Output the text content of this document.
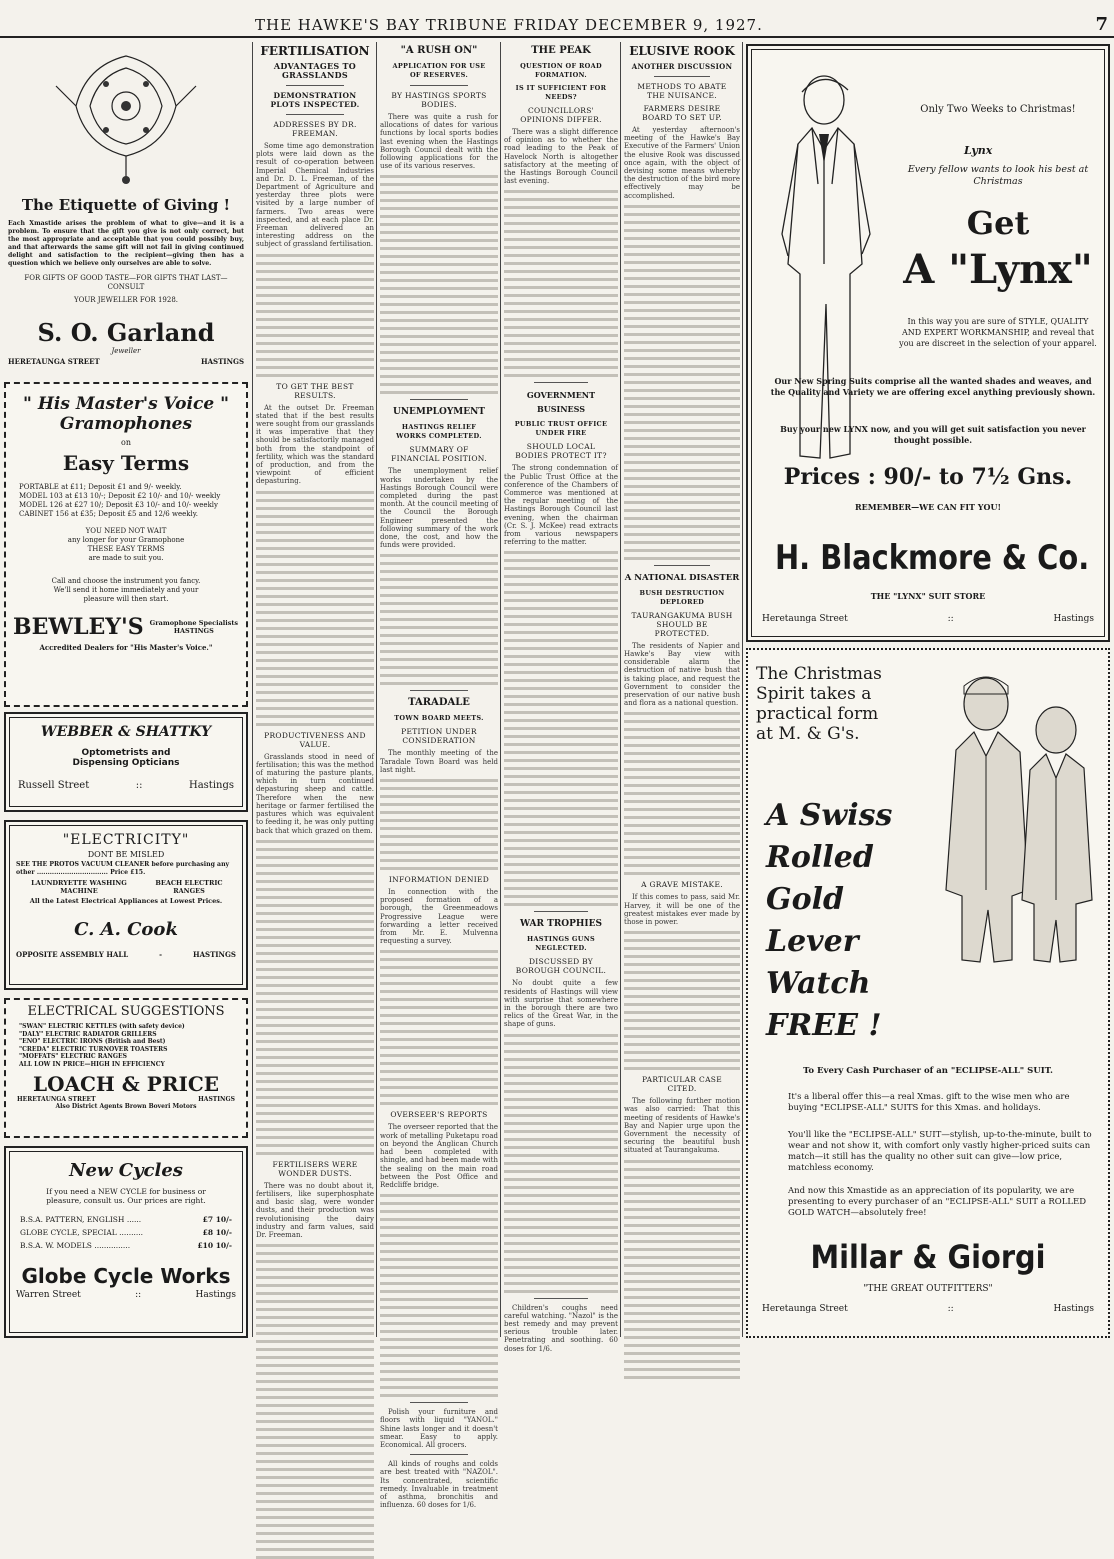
THE HAWKE'S BAY TRIBUNE FRIDAY DECEMBER 9, 1927.	7
The Etiquette of Giving !
Each Xmastide arises the problem of what to give—and it is a problem. To ensure that the gift you give is not only correct, but the most appropriate and acceptable that you could possibly buy, and that afterwards the same gift will not fail in giving continued delight and satisfaction to the recipient—giving then has a question which we believe only ourselves are able to solve.
FOR GIFTS OF GOOD TASTE—FOR GIFTS THAT LAST—CONSULT
YOUR JEWELLER FOR 1928.
S. O. Garland
Jeweller
HERETAUNGA STREET	HASTINGS
" His Master's Voice "
Gramophones
on
Easy Terms
PORTABLE at £11; Deposit £1 and 9/- weekly.
MODEL 103 at £13 10/-; Deposit £2 10/- and 10/- weekly
MODEL 126 at £27 10/; Deposit £3 10/- and 10/- weekly
CABINET 156 at £35; Deposit £5 and 12/6 weekly.
YOU NEED NOT WAIT
any longer for your Gramophone
THESE EASY TERMS
are made to suit you.
Call and choose the instrument you fancy.
We'll send it home immediately and your
pleasure will then start.
BEWLEY'S Gramophone Specialists
HASTINGS
Accredited Dealers for "His Master's Voice."
WEBBER & SHATTKY
Optometrists and
Dispensing Opticians
Russell Street	::	Hastings
"ELECTRICITY"
DONT BE MISLED
SEE THE PROTOS VACUUM CLEANER before purchasing any other ................................. Price £15.
LAUNDRYETTE WASHING MACHINE
BEACH ELECTRIC RANGES
All the Latest Electrical Appliances at Lowest Prices.
C. A. Cook
OPPOSITE ASSEMBLY HALL	-	HASTINGS
ELECTRICAL SUGGESTIONS
"SWAN" ELECTRIC KETTLES (with safety device)
"DALY" ELECTRIC RADIATOR GRILLERS
"ENO" ELECTRIC IRONS (British and Best)
"CREDA" ELECTRIC TURNOVER TOASTERS
"MOFFATS" ELECTRIC RANGES
ALL LOW IN PRICE—HIGH IN EFFICIENCY
LOACH & PRICE
HERETAUNGA STREET	HASTINGS
Also District Agents Brown Boveri Motors
New Cycles
If you need a NEW CYCLE for business or
pleasure, consult us. Our prices are right.
B.S.A. PATTERN, ENGLISH ......	£7 10/-
GLOBE CYCLE, SPECIAL ..........	£8 10/-
B.S.A. W. MODELS ...............	£10 10/-
Globe Cycle Works
Warren Street	::	Hastings
FERTILISATION
ADVANTAGES TO GRASSLANDS
DEMONSTRATION PLOTS INSPECTED.
ADDRESSES BY DR. FREEMAN.
Some time ago demonstration plots were laid down as the result of co-operation between Imperial Chemical Industries and Dr. D. L. Freeman, of the Department of Agriculture and yesterday three plots were visited by a large number of farmers. Two areas were inspected, and at each place Dr. Freeman delivered an interesting address on the subject of grassland fertilisation.
TO GET THE BEST RESULTS.
At the outset Dr. Freeman stated that if the best results were sought from our grasslands it was imperative that they should be satisfactorily managed both from the standpoint of fertility, which was the standard of production, and from the viewpoint of efficient depasturing.
PRODUCTIVENESS AND VALUE.
Grasslands stood in need of fertilisation; this was the method of maturing the pasture plants, which in turn continued depasturing sheep and cattle. Therefore when the new heritage or farmer fertilised the pastures which was equivalent to feeding it, he was only putting back that which grazed on them.
FERTILISERS WERE WONDER DUSTS.
There was no doubt about it, fertilisers, like superphosphate and basic slag, were wonder dusts, and their production was revolutionising the dairy industry and farm values, said Dr. Freeman.
"A RUSH ON"
APPLICATION FOR USE OF RESERVES.
BY HASTINGS SPORTS BODIES.
There was quite a rush for allocations of dates for various functions by local sports bodies last evening when the Hastings Borough Council dealt with the following applications for the use of its various reserves.
UNEMPLOYMENT
HASTINGS RELIEF WORKS COMPLETED.
SUMMARY OF FINANCIAL POSITION.
The unemployment relief works undertaken by the Hastings Borough Council were completed during the past month. At the council meeting of the Council the Borough Engineer presented the following summary of the work done, the cost, and how the funds were provided.
TARADALE
TOWN BOARD MEETS.
PETITION UNDER CONSIDERATION
The monthly meeting of the Taradale Town Board was held last night.
INFORMATION DENIED
In connection with the proposed formation of a borough, the Greenmeadows Progressive League were forwarding a letter received from Mr. E. Mulvenna requesting a survey.
OVERSEER'S REPORTS
The overseer reported that the work of metalling Puketapu road on beyond the Anglican Church had been completed with shingle, and had been made with the sealing on the main road between the Post Office and Redcliffe bridge.
Polish your furniture and floors with liquid "YANOL." Shine lasts longer and it doesn't smear. Easy to apply. Economical. All grocers.
All kinds of roughs and colds are best treated with "NAZOL". Its concentrated, scientific remedy. Invaluable in treatment of asthma, bronchitis and influenza. 60 doses for 1/6.
THE PEAK
QUESTION OF ROAD FORMATION.
IS IT SUFFICIENT FOR NEEDS?
COUNCILLORS' OPINIONS DIFFER.
There was a slight difference of opinion as to whether the road leading to the Peak of Havelock North is altogether satisfactory at the meeting of the Hastings Borough Council last evening.
GOVERNMENT BUSINESS
PUBLIC TRUST OFFICE UNDER FIRE
SHOULD LOCAL BODIES PROTECT IT?
The strong condemnation of the Public Trust Office at the conference of the Chambers of Commerce was mentioned at the regular meeting of the Hastings Borough Council last evening, when the chairman (Cr. S. J. McKee) read extracts from various newspapers referring to the matter.
WAR TROPHIES
HASTINGS GUNS NEGLECTED.
DISCUSSED BY BOROUGH COUNCIL.
No doubt quite a few residents of Hastings will view with surprise that somewhere in the borough there are two relics of the Great War, in the shape of guns.
Children's coughs need careful watching. "Nazol" is the best remedy and may prevent serious trouble later. Penetrating and soothing. 60 doses for 1/6.
ELUSIVE ROOK
ANOTHER DISCUSSION
METHODS TO ABATE THE NUISANCE.
FARMERS DESIRE BOARD TO SET UP.
At yesterday afternoon's meeting of the Hawke's Bay Executive of the Farmers' Union the elusive Rook was discussed once again, with the object of devising some means whereby the destruction of the bird more effectively may be accomplished.
A NATIONAL DISASTER
BUSH DESTRUCTION DEPLORED
TAURANGAKUMA BUSH SHOULD BE PROTECTED.
The residents of Napier and Hawke's Bay view with considerable alarm the destruction of native bush that is taking place, and request the Government to consider the preservation of our native bush and flora as a national question.
A GRAVE MISTAKE.
If this comes to pass, said Mr. Harvey, it will be one of the greatest mistakes ever made by those in power.
PARTICULAR CASE CITED.
The following further motion was also carried: That this meeting of residents of Hawke's Bay and Napier urge upon the Government the necessity of securing the beautiful bush situated at Taurangakuma.
Only Two Weeks to Christmas!
Lynx
Every fellow wants to look his best at Christmas
Get
A "Lynx"
In this way you are sure of STYLE, QUALITY AND EXPERT WORKMANSHIP, and reveal that you are discreet in the selection of your apparel.
Our New Spring Suits comprise all the wanted shades and weaves, and the Quality and Variety we are offering excel anything previously shown.
Buy your new LYNX now, and you will get suit satisfaction you never thought possible.
Prices : 90/- to 7½ Gns.
REMEMBER—WE CAN FIT YOU!
H. Blackmore & Co.
THE "LYNX" SUIT STORE
Heretaunga Street	::	Hastings
The Christmas
Spirit takes a
practical form
at M. & G's.
A Swiss
Rolled
Gold
Lever
Watch
FREE !
To Every Cash Purchaser of an "ECLIPSE-ALL" SUIT.
It's a liberal offer this—a real Xmas. gift to the wise men who are buying "ECLIPSE-ALL" SUITS for this Xmas. and holidays.
You'll like the "ECLIPSE-ALL" SUIT—stylish, up-to-the-minute, built to wear and not show it, with comfort only vastly higher-priced suits can match—it still has the quality no other suit can give—low price, matchless economy.
And now this Xmastide as an appreciation of its popularity, we are presenting to every purchaser of an "ECLIPSE-ALL" SUIT a ROLLED GOLD WATCH—absolutely free!
Millar & Giorgi
"THE GREAT OUTFITTERS"
Heretaunga Street	::	Hastings
